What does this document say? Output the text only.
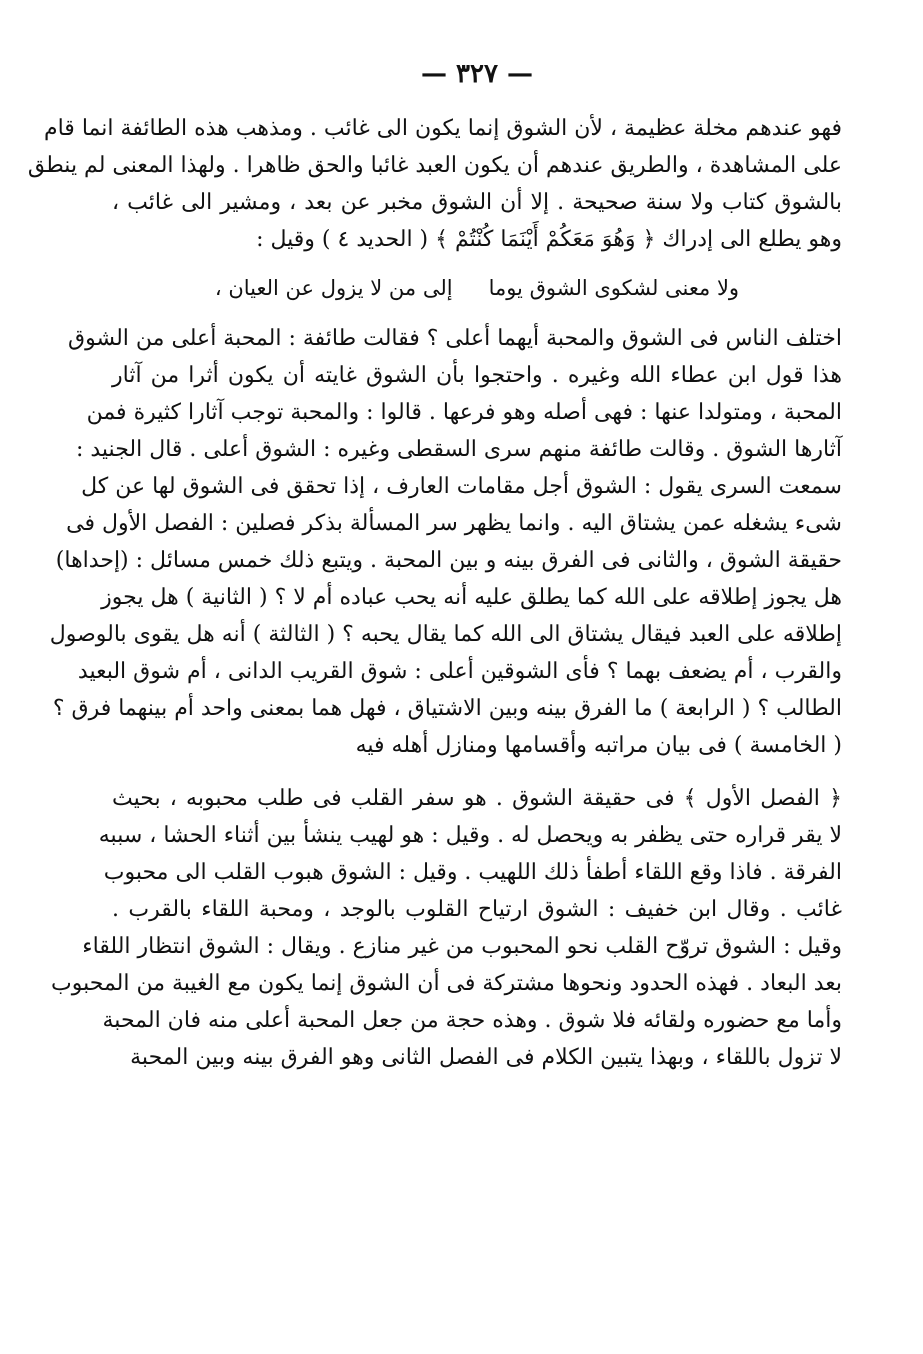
— ٣٢٧ —
فهو عندهم مخلة عظيمة ، لأن الشوق إنما يكون الى غائب . ومذهب هذه الطائفة انما قام
على المشاهدة ، والطريق عندهم أن يكون العبد غائبا والحق ظاهرا . ولهذا المعنى لم ينطق
بالشوق كتاب ولا سنة صحيحة . إلا أن الشوق مخبر عن بعد ، ومشير الى غائب ،
وهو يطلع الى إدراك ﴿ وَهُوَ مَعَكُمْ أَيْنَمَا كُنْتُمْ ﴾ ( الحديد ٤ ) وقيل :
ولا معنى لشكوى الشوق يوماإلى من لا يزول عن العيان ،
اختلف الناس فى الشوق والمحبة أيهما أعلى ؟ فقالت طائفة : المحبة أعلى من الشوق
هذا قول ابن عطاء الله وغيره . واحتجوا بأن الشوق غايته أن يكون أثرا من آثار
المحبة ، ومتولدا عنها : فهى أصله وهو فرعها . قالوا : والمحبة توجب آثارا كثيرة فمن
آثارها الشوق . وقالت طائفة منهم سرى السقطى وغيره : الشوق أعلى . قال الجنيد :
سمعت السرى يقول : الشوق أجل مقامات العارف ، إذا تحقق فى الشوق لها عن كل
شىء يشغله عمن يشتاق اليه . وانما يظهر سر المسألة بذكر فصلين : الفصل الأول فى
حقيقة الشوق ، والثانى فى الفرق بينه و بين المحبة . ويتبع ذلك خمس مسائل : (إحداها)
هل يجوز إطلاقه على الله كما يطلق عليه أنه يحب عباده أم لا ؟ ( الثانية ) هل يجوز
إطلاقه على العبد فيقال يشتاق الى الله كما يقال يحبه ؟ ( الثالثة ) أنه هل يقوى بالوصول
والقرب ، أم يضعف بهما ؟ فأى الشوقين أعلى : شوق القريب الدانى ، أم شوق البعيد
الطالب ؟ ( الرابعة ) ما الفرق بينه وبين الاشتياق ، فهل هما بمعنى واحد أم بينهما فرق ؟
( الخامسة ) فى بيان مراتبه وأقسامها ومنازل أهله فيه
﴿ الفصل الأول ﴾ فى حقيقة الشوق . هو سفر القلب فى طلب محبوبه ، بحيث
لا يقر قراره حتى يظفر به ويحصل له . وقيل : هو لهيب ينشأ بين أثناء الحشا ، سببه
الفرقة . فاذا وقع اللقاء أطفأ ذلك اللهيب . وقيل : الشوق هبوب القلب الى محبوب
غائب . وقال ابن خفيف : الشوق ارتياح القلوب بالوجد ، ومحبة اللقاء بالقرب .
وقيل : الشوق تروّح القلب نحو المحبوب من غير منازع . ويقال : الشوق انتظار اللقاء
بعد البعاد . فهذه الحدود ونحوها مشتركة فى أن الشوق إنما يكون مع الغيبة من المحبوب
وأما مع حضوره ولقائه فلا شوق . وهذه حجة من جعل المحبة أعلى منه فان المحبة
لا تزول باللقاء ، وبهذا يتبين الكلام فى الفصل الثانى وهو الفرق بينه وبين المحبة
